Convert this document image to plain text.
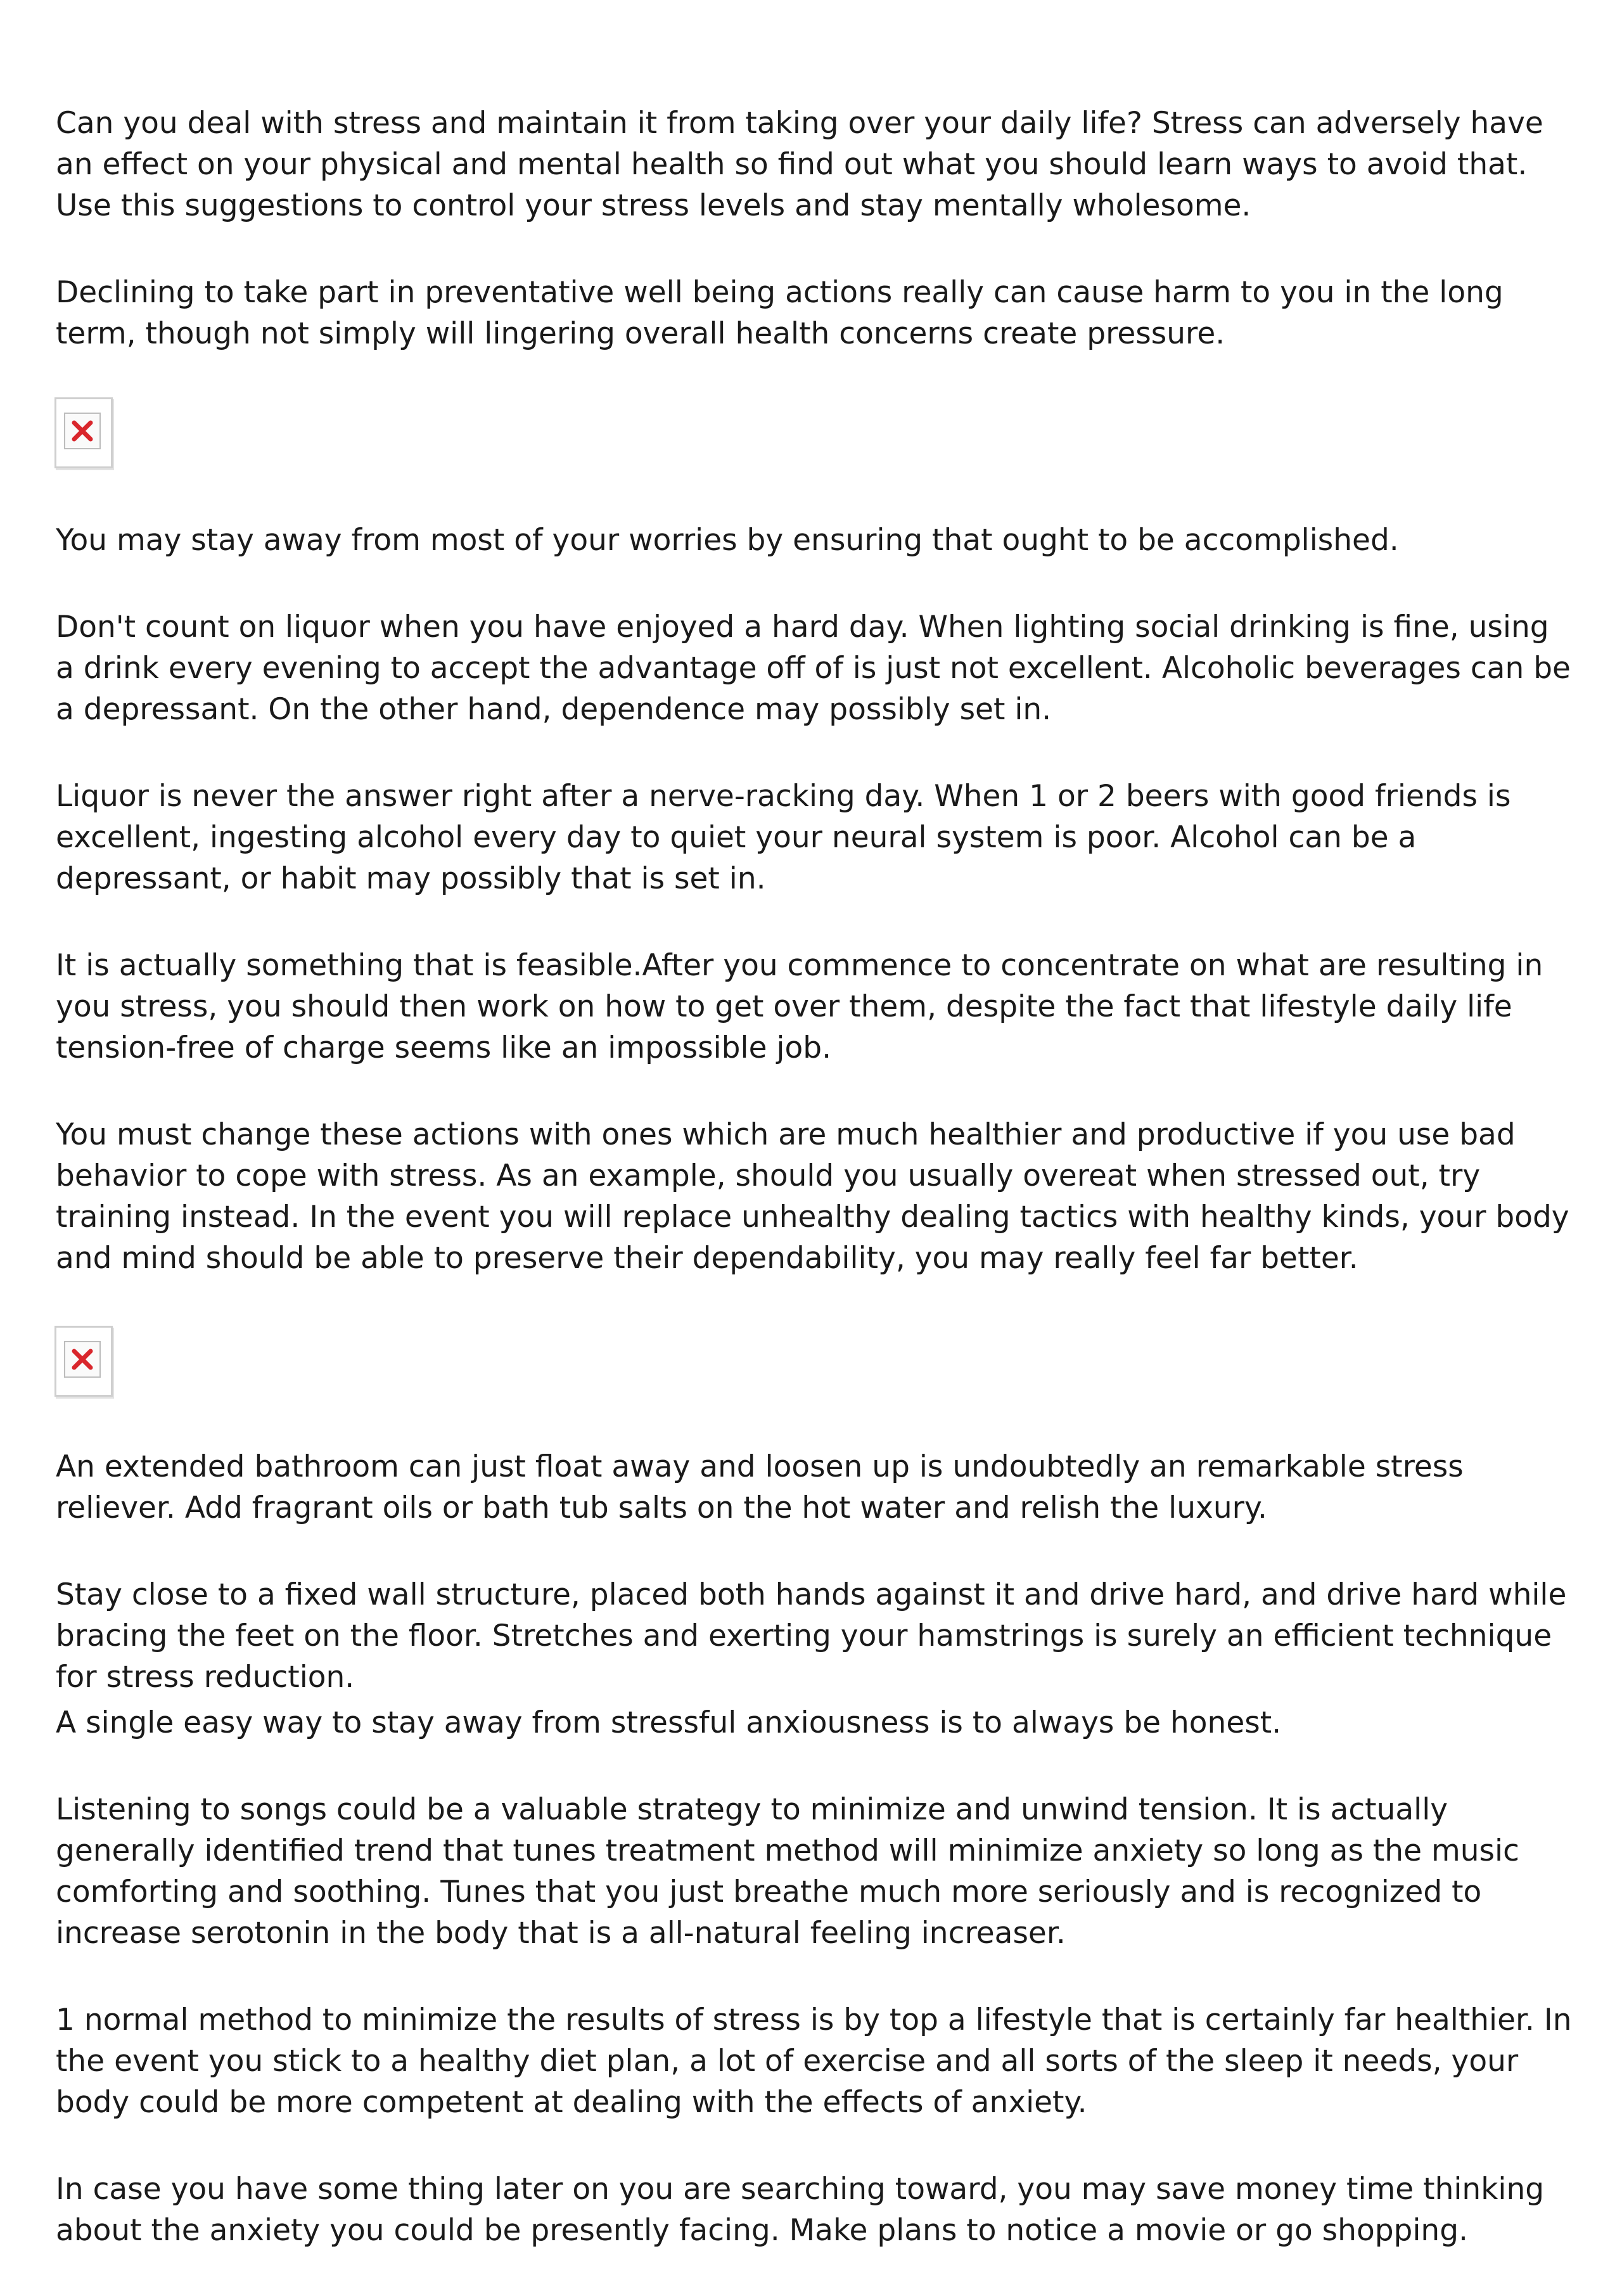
Can you deal with stress and maintain it from taking over your daily life? Stress can adversely have an effect on your physical and mental health so find out what you should learn ways to avoid that. Use this suggestions to control your stress levels and stay mentally wholesome.

Declining to take part in preventative well being actions really can cause harm to you in the long term, though not simply will lingering overall health concerns create pressure.

You may stay away from most of your worries by ensuring that ought to be accomplished.

Don't count on liquor when you have enjoyed a hard day. When lighting social drinking is fine, using a drink every evening to accept the advantage off of is just not excellent. Alcoholic beverages can be a depressant. On the other hand, dependence may possibly set in.

Liquor is never the answer right after a nerve-racking day. When 1 or 2 beers with good friends is excellent, ingesting alcohol every day to quiet your neural system is poor. Alcohol can be a depressant, or habit may possibly that is set in.

It is actually something that is feasible.After you commence to concentrate on what are resulting in you stress, you should then work on how to get over them, despite the fact that lifestyle daily life tension-free of charge seems like an impossible job.

You must change these actions with ones which are much healthier and productive if you use bad behavior to cope with stress. As an example, should you usually overeat when stressed out, try training instead. In the event you will replace unhealthy dealing tactics with healthy kinds, your body and mind should be able to preserve their dependability, you may really feel far better.

An extended bathroom can just float away and loosen up is undoubtedly an remarkable stress reliever. Add fragrant oils or bath tub salts on the hot water and relish the luxury.

Stay close to a fixed wall structure, placed both hands against it and drive hard, and drive hard while bracing the feet on the floor. Stretches and exerting your hamstrings is surely an efficient technique for stress reduction.

A single easy way to stay away from stressful anxiousness is to always be honest.

Listening to songs could be a valuable strategy to minimize and unwind tension. It is actually generally identified trend that tunes treatment method will minimize anxiety so long as the music comforting and soothing. Tunes that you just breathe much more seriously and is recognized to increase serotonin in the body that is a all-natural feeling increaser.

1 normal method to minimize the results of stress is by top a lifestyle that is certainly far healthier. In the event you stick to a healthy diet plan, a lot of exercise and all sorts of the sleep it needs, your body could be more competent at dealing with the effects of anxiety.

In case you have some thing later on you are searching toward, you may save money time thinking about the anxiety you could be presently facing. Make plans to notice a movie or go shopping.
